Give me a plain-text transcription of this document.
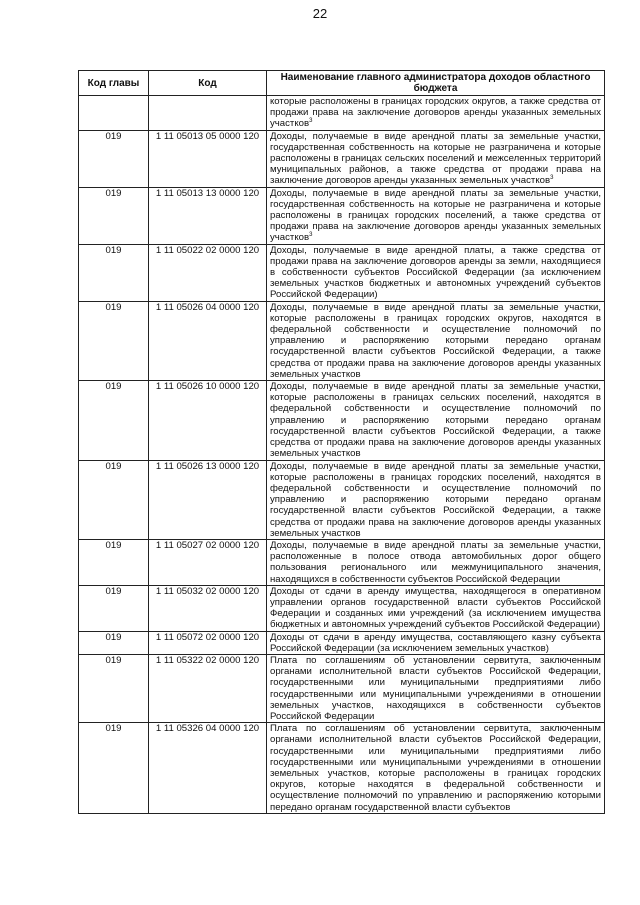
22
Код главы	Код	Наименование главного администратора доходов областного бюджета
		которые расположены в границах городских округов, а также средства от продажи права на заключение договоров аренды указанных земельных участков$^3$
019	1 11 05013 05 0000 120	Доходы, получаемые в виде арендной платы за земельные участки, государственная собственность на которые не разграничена и которые расположены в границах сельских поселений и межселенных территорий муниципальных районов, а также средства от продажи права на заключение договоров аренды указанных земельных участков$^3$
019	1 11 05013 13 0000 120	Доходы, получаемые в виде арендной платы за земельные участки, государственная собственность на которые не разграничена и которые расположены в границах городских поселений, а также средства от продажи права на заключение договоров аренды указанных земельных участков$^3$
019	1 11 05022 02 0000 120	Доходы, получаемые в виде арендной платы, а также средства от продажи права на заключение договоров аренды за земли, находящиеся в собственности субъектов Российской Федерации (за исключением земельных участков бюджетных и автономных учреждений субъектов Российской Федерации)
019	1 11 05026 04 0000 120	Доходы, получаемые в виде арендной платы за земельные участки, которые расположены в границах городских округов, находятся в федеральной собственности и осуществление полномочий по управлению и распоряжению которыми передано органам государственной власти субъектов Российской Федерации, а также средства от продажи права на заключение договоров аренды указанных земельных участков
019	1 11 05026 10 0000 120	Доходы, получаемые в виде арендной платы за земельные участки, которые расположены в границах сельских поселений, находятся в федеральной собственности и осуществление полномочий по управлению и распоряжению которыми передано органам государственной власти субъектов Российской Федерации, а также средства от продажи права на заключение договоров аренды указанных земельных участков
019	1 11 05026 13 0000 120	Доходы, получаемые в виде арендной платы за земельные участки, которые расположены в границах городских поселений, находятся в федеральной собственности и осуществление полномочий по управлению и распоряжению которыми передано органам государственной власти субъектов Российской Федерации, а также средства от продажи права на заключение договоров аренды указанных земельных участков
019	1 11 05027 02 0000 120	Доходы, получаемые в виде арендной платы за земельные участки, расположенные в полосе отвода автомобильных дорог общего пользования регионального или межмуниципального значения, находящихся в собственности субъектов Российской Федерации
019	1 11 05032 02 0000 120	Доходы от сдачи в аренду имущества, находящегося в оперативном управлении органов государственной власти субъектов Российской Федерации и созданных ими учреждений (за исключением имущества бюджетных и автономных учреждений субъектов Российской Федерации)
019	1 11 05072 02 0000 120	Доходы от сдачи в аренду имущества, составляющего казну субъекта Российской Федерации (за исключением земельных участков)
019	1 11 05322 02 0000 120	Плата по соглашениям об установлении сервитута, заключенным органами исполнительной власти субъектов Российской Федерации, государственными или муниципальными предприятиями либо государственными или муниципальными учреждениями в отношении земельных участков, находящихся в собственности субъектов Российской Федерации
019	1 11 05326 04 0000 120	Плата по соглашениям об установлении сервитута, заключенным органами исполнительной власти субъектов Российской Федерации, государственными или муниципальными предприятиями либо государственными или муниципальными учреждениями в отношении земельных участков, которые расположены в границах городских округов, которые находятся в федеральной собственности и осуществление полномочий по управлению и распоряжению которыми передано органам государственной власти субъектов
